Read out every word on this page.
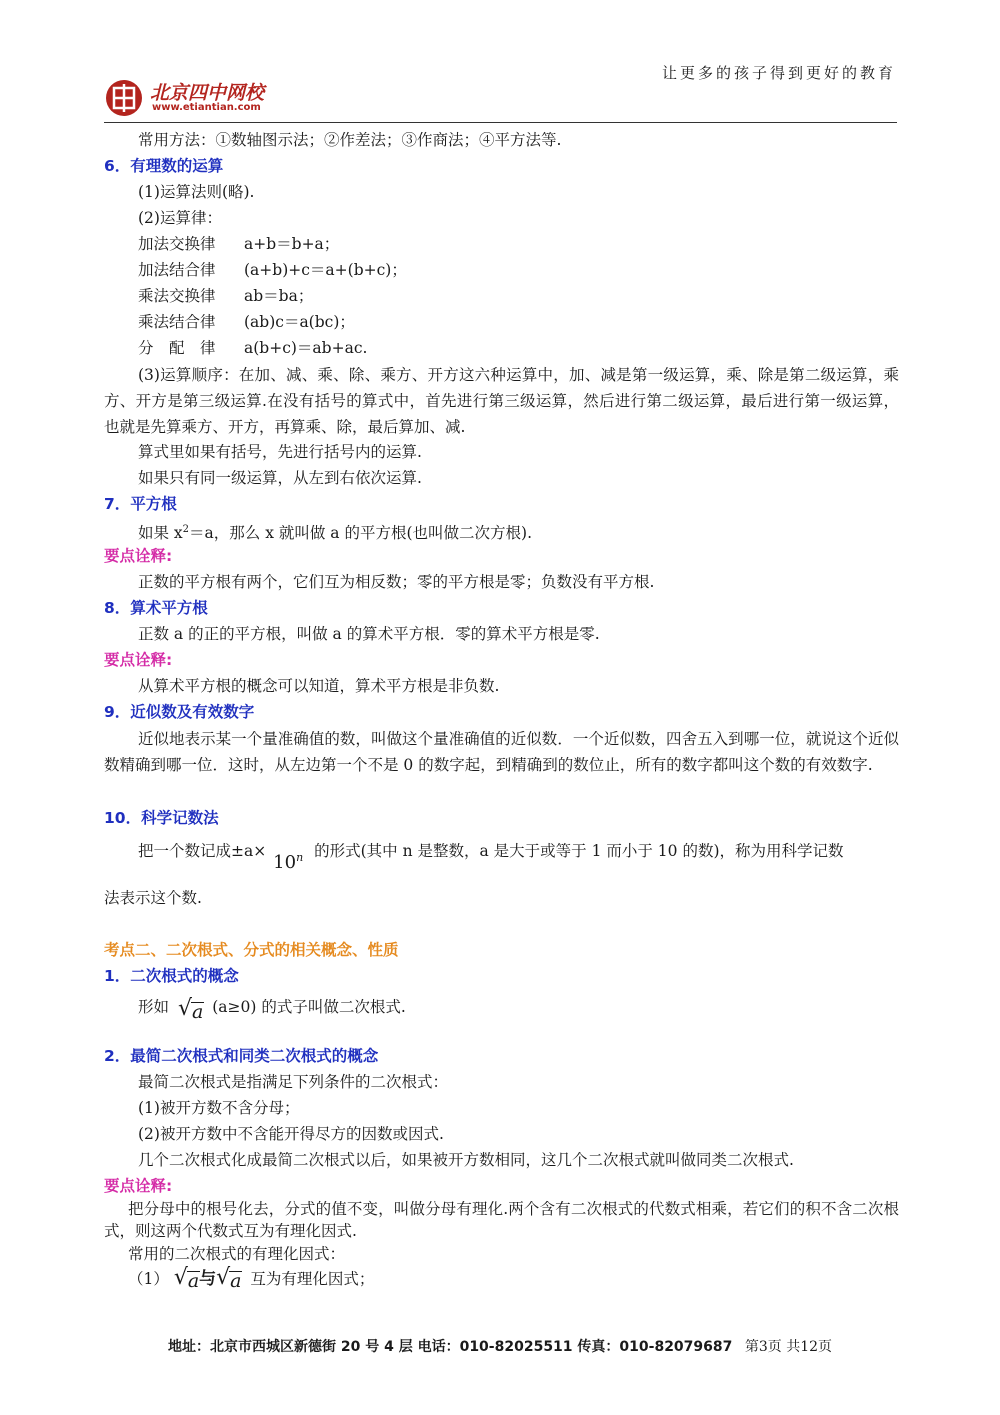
让更多的孩子得到更好的教育
北京四中网校
www.etiantian.com
常用方法：①数轴图示法；②作差法；③作商法；④平方法等.
6．有理数的运算
(1)运算法则(略).
(2)运算律：
加法交换律 a+b＝b+a；
加法结合律 (a+b)+c＝a+(b+c)；
乘法交换律 ab＝ba；
乘法结合律 (ab)c＝a(bc)；
分　配　律 a(b+c)＝ab+ac.
(3)运算顺序：在加、减、乘、除、乘方、开方这六种运算中，加、减是第一级运算，乘、除是第二级运算，乘方、开方是第三级运算.在没有括号的算式中，首先进行第三级运算，然后进行第二级运算，最后进行第一级运算，也就是先算乘方、开方，再算乘、除，最后算加、减.
算式里如果有括号，先进行括号内的运算.
如果只有同一级运算，从左到右依次运算.
7．平方根
如果 $x^2=a$，那么 x 就叫做 a 的平方根(也叫做二次方根).
要点诠释:
正数的平方根有两个，它们互为相反数；零的平方根是零；负数没有平方根.
8．算术平方根
正数 a 的正的平方根，叫做 a 的算术平方根．零的算术平方根是零.
要点诠释:
从算术平方根的概念可以知道，算术平方根是非负数.
9．近似数及有效数字
近似地表示某一个量准确值的数，叫做这个量准确值的近似数．一个近似数，四舍五入到哪一位，就说这个近似数精确到哪一位．这时，从左边第一个不是 0 的数字起，到精确到的数位止，所有的数字都叫这个数的有效数字.
10．科学记数法
把一个数记成$\pm a\times 10^n$ 的形式(其中 n 是整数，a 是大于或等于 1 而小于 10 的数)，称为用科学记数
法表示这个数.
考点二、二次根式、分式的相关概念、性质
1．二次根式的概念
形如 √ a (a≥0) 的式子叫做二次根式.
2．最简二次根式和同类二次根式的概念
最简二次根式是指满足下列条件的二次根式：
(1)被开方数不含分母；
(2)被开方数中不含能开得尽方的因数或因式.
几个二次根式化成最简二次根式以后，如果被开方数相同，这几个二次根式就叫做同类二次根式.
要点诠释:
把分母中的根号化去，分式的值不变，叫做分母有理化.两个含有二次根式的代数式相乘，若它们的积不含二次根式，则这两个代数式互为有理化因式.
常用的二次根式的有理化因式：
（1） √ a与 √ a 互为有理化因式；
地址：北京市西城区新德街 20 号 4 层 电话：010-82025511 传真：010-82079687 第3页 共12页
